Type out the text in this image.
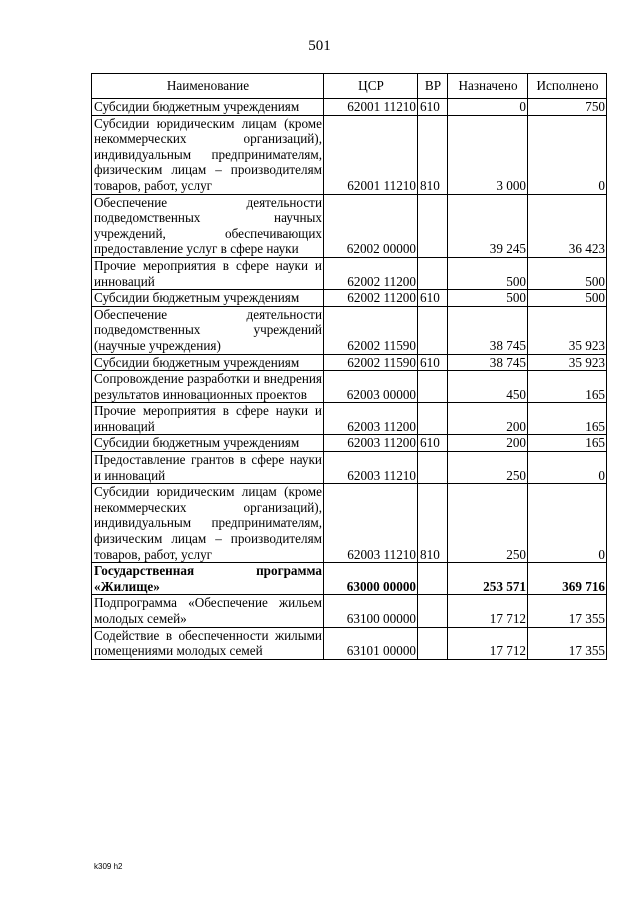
501
Наименование	ЦСР	ВР	Назначено	Исполнено
Субсидии бюджетным учреждениям	62001 11210	610	0	750
Субсидии юридическим лицам (кроме некоммерческих организаций), индивидуальным предпринимателям, физическим лицам – производителям товаров, работ, услуг	62001 11210	810	3 000	0
Обеспечение деятельности подведомственных научных учреждений, обеспечивающих предоставление услуг в сфере науки	62002 00000		39 245	36 423
Прочие мероприятия в сфере науки и инноваций	62002 11200		500	500
Субсидии бюджетным учреждениям	62002 11200	610	500	500
Обеспечение деятельности подведомственных учреждений (научные учреждения)	62002 11590		38 745	35 923
Субсидии бюджетным учреждениям	62002 11590	610	38 745	35 923
Сопровождение разработки и внедрения результатов инновационных проектов	62003 00000		450	165
Прочие мероприятия в сфере науки и инноваций	62003 11200		200	165
Субсидии бюджетным учреждениям	62003 11200	610	200	165
Предоставление грантов в сфере науки и инноваций	62003 11210		250	0
Субсидии юридическим лицам (кроме некоммерческих организаций), индивидуальным предпринимателям, физическим лицам – производителям товаров, работ, услуг	62003 11210	810	250	0
Государственная программа «Жилище»	63000 00000		253 571	369 716
Подпрограмма «Обеспечение жильем молодых семей»	63100 00000		17 712	17 355
Содействие в обеспеченности жилыми помещениями молодых семей	63101 00000		17 712	17 355
k309 h2
